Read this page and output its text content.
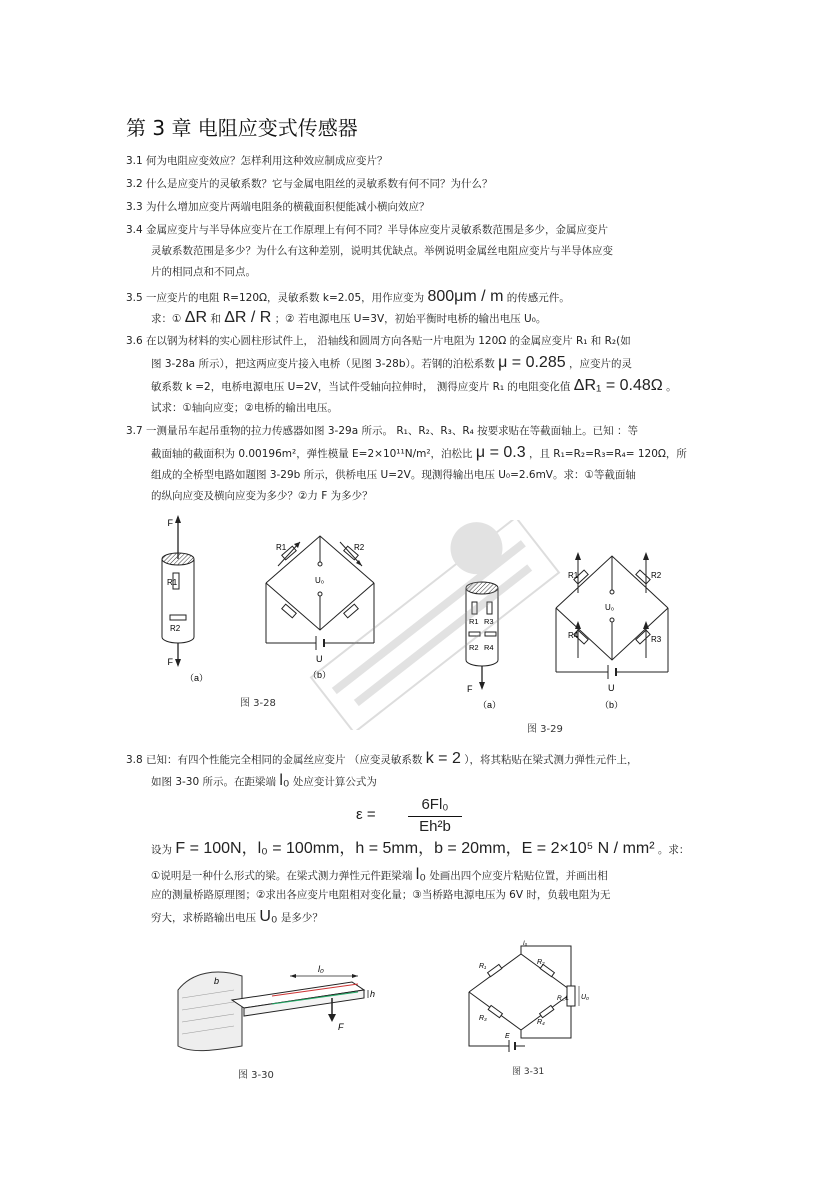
第 3 章 电阻应变式传感器
3.1 何为电阻应变效应？怎样利用这种效应制成应变片？
3.2 什么是应变片的灵敏系数？它与金属电阻丝的灵敏系数有何不同？为什么？
3.3 为什么增加应变片两端电阻条的横截面积便能减小横向效应？
3.4 金属应变片与半导体应变片在工作原理上有何不同？半导体应变片灵敏系数范围是多少，金属应变片
灵敏系数范围是多少？为什么有这种差别，说明其优缺点。举例说明金属丝电阻应变片与半导体应变
片的相同点和不同点。
3.5 一应变片的电阻 R=120Ω，灵敏系数 k=2.05，用作应变为 800μm / m 的传感元件。
求：① ΔR 和 ΔR / R ；② 若电源电压 U=3V，初始平衡时电桥的输出电压 U₀。
3.6 在以钢为材料的实心圆柱形试件上， 沿轴线和圆周方向各贴一片电阻为 120Ω 的金属应变片 R₁ 和 R₂(如
图 3-28a 所示），把这两应变片接入电桥（见图 3-28b）。若钢的泊松系数 μ = 0.285 ，应变片的灵
敏系数 k =2，电桥电源电压 U=2V，当试件受轴向拉伸时， 测得应变片 R₁ 的电阻变化值 ΔR₁ = 0.48Ω 。
试求：①轴向应变；②电桥的输出电压。
3.7 一测量吊车起吊重物的拉力传感器如图 3-29a 所示。 R₁、R₂、R₃、R₄ 按要求贴在等截面轴上。已知 ：等
截面轴的截面积为 0.00196m²，弹性模量 E=2×10¹¹N/m²，泊松比 μ = 0.3 ，且 R₁=R₂=R₃=R₄= 120Ω，所
组成的全桥型电路如题图 3-29b 所示，供桥电压 U=2V。现测得输出电压 U₀=2.6mV。求：①等截面轴
的纵向应变及横向应变为多少？②力 F 为多少？
F
R1
R2
F
（a）
R1	R2
U₀
U
（b）
图 3-28
R1 R3
R2 R4
F
（a）
R1	R2
R3
R4
U₀
U
（b）
图 3-29
3.8 已知：有四个性能完全相同的金属丝应变片 （应变灵敏系数 k = 2 ），将其粘贴在梁式测力弹性元件上，
如图 3-30 所示。在距梁端 l₀ 处应变计算公式为
ε =
6Fl₀
Eh²b
设为 F = 100N，l₀ = 100mm，h = 5mm，b = 20mm，E = 2×10⁵ N / mm² 。求：
①说明是一种什么形式的梁。在梁式测力弹性元件距梁端 l₀ 处画出四个应变片粘贴位置，并画出相
应的测量桥路原理图；②求出各应变片电阻相对变化量；③当桥路电源电压为 6V 时，负载电阻为无
穷大，求桥路输出电压 U₀ 是多少？
l₀
b
h
F
图 3-30
R₁
R₂
R₃
R₄
I₀
R_L U₀
E
图 3-31
